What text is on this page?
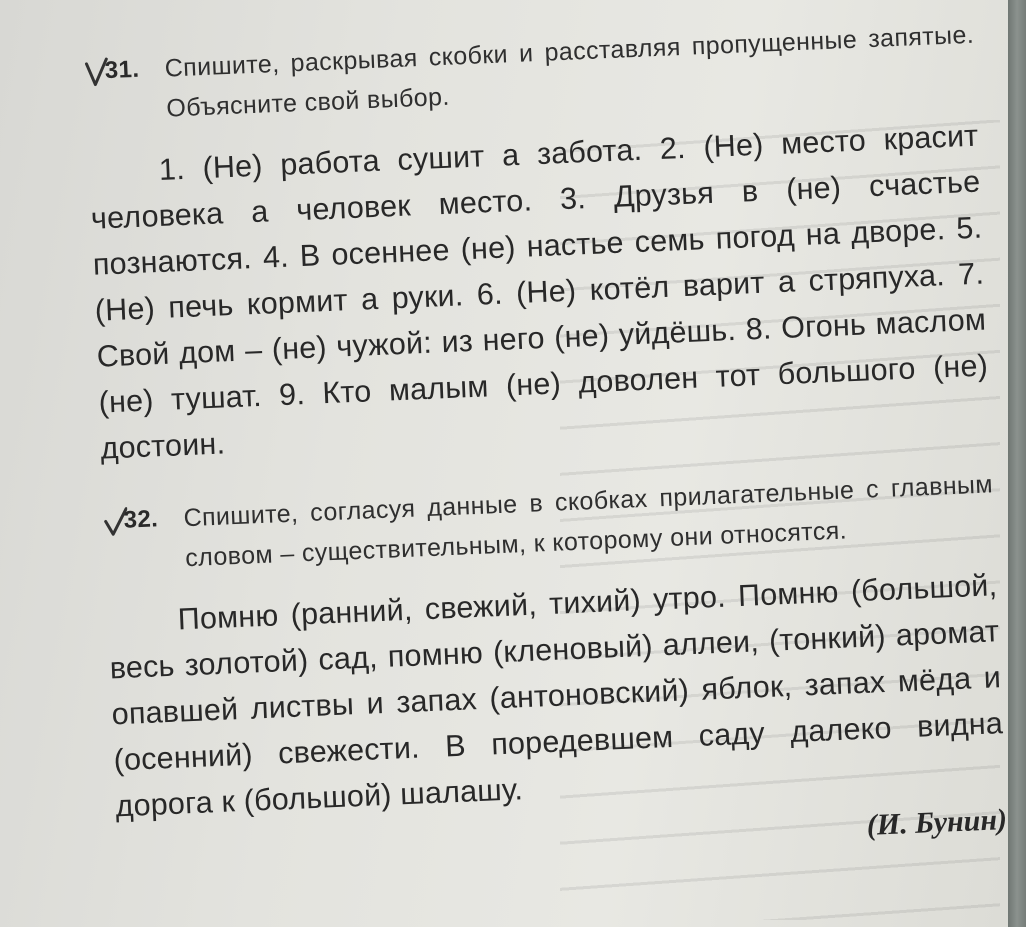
31. Спишите, раскрывая скобки и расставляя пропущенные запятые. Объясните свой выбор.
1. (Не) работа сушит а забота. 2. (Не) место красит человека а человек место. 3. Друзья в (не) счастье познаются. 4. В осеннее (не) настье семь погод на дворе. 5. (Не) печь кормит а руки. 6. (Не) котёл варит а стряпуха. 7. Свой дом – (не) чужой: из него (не) уйдёшь. 8. Огонь маслом (не) тушат. 9. Кто малым (не) доволен тот большого (не) достоин.
32. Спишите, согласуя данные в скобках прилагательные с главным словом – существительным, к которому они относятся.
Помню (ранний, свежий, тихий) утро. Помню (большой, весь золотой) сад, помню (кленовый) аллеи, (тонкий) аромат опавшей листвы и запах (антоновский) яблок, запах мёда и (осенний) свежести. В поредевшем саду далеко видна дорога к (большой) шалашу.	(И. Бунин)
